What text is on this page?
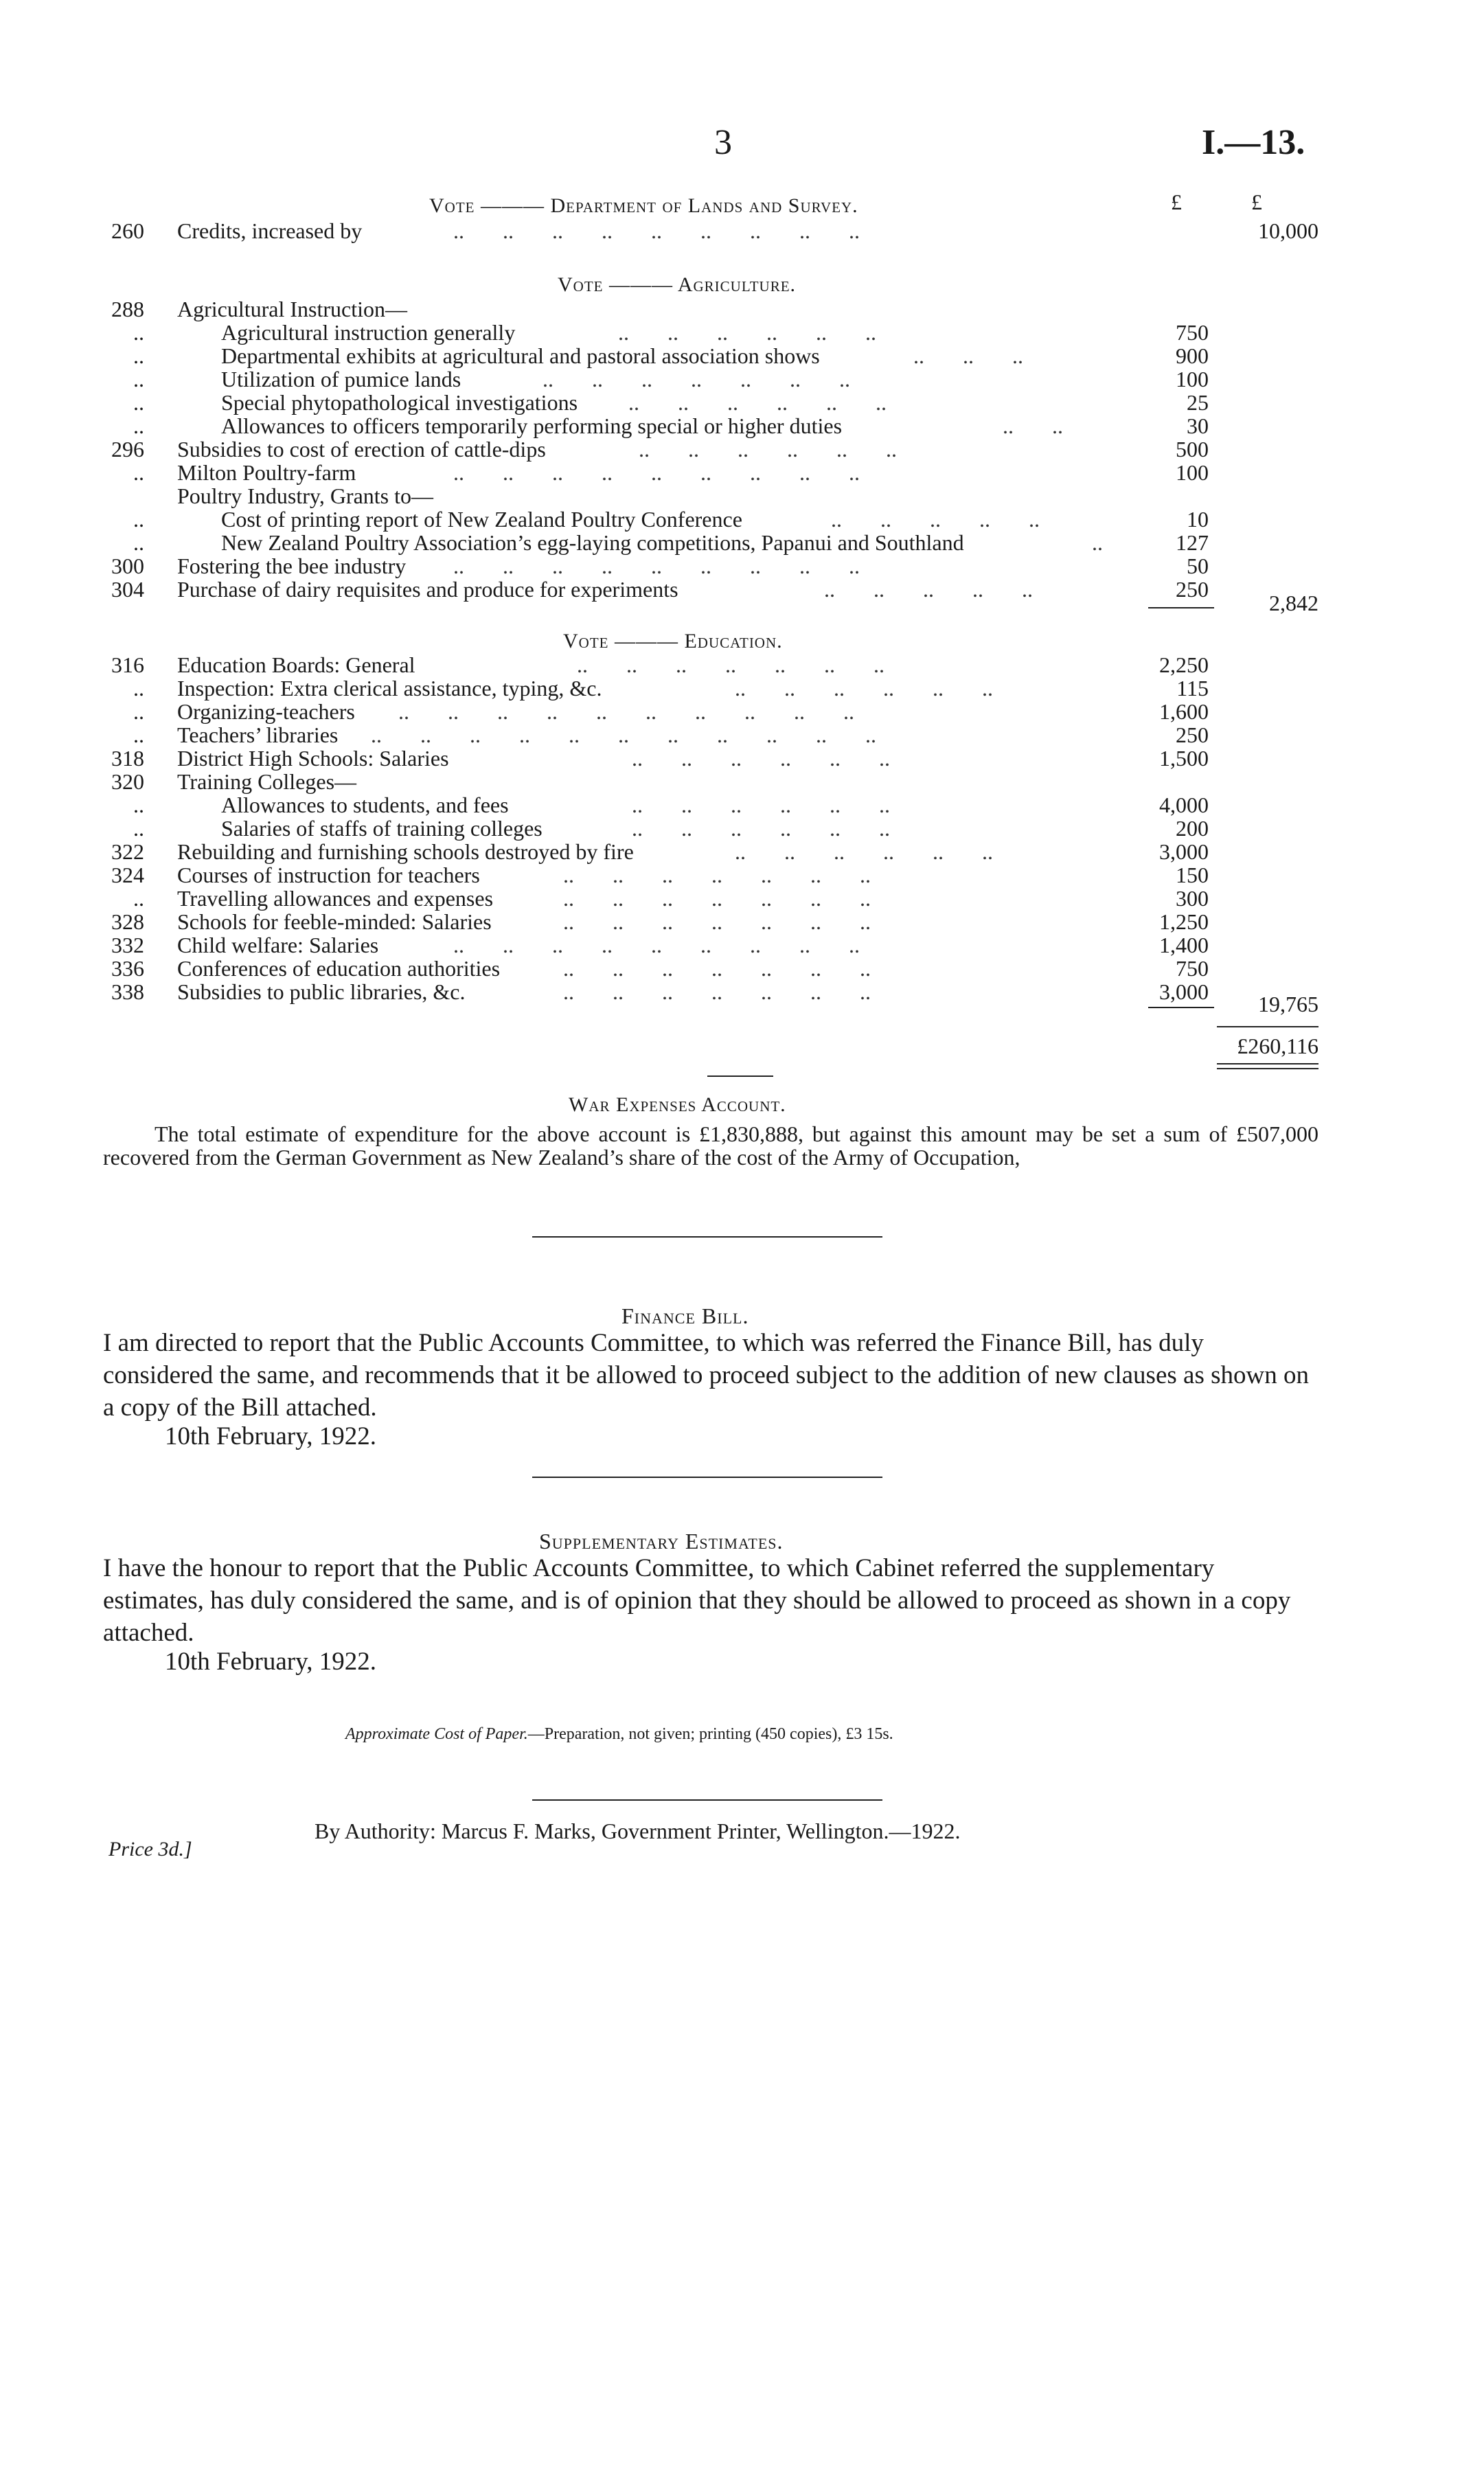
3	I.—13.
Vote ——— Department of Lands and Survey.	£	£
260 Credits, increased by	..       ..       ..       ..       ..       ..       ..       ..       ..	10,000
Vote ——— Agriculture.
288 Agricultural Instruction—
..	Agricultural instruction generally	..       ..       ..       ..       ..       ..	750
..	Departmental exhibits at agricultural and pastoral association shows	..       ..       ..	900
..	Utilization of pumice lands	..       ..       ..       ..       ..       ..       ..	100
..	Special phytopathological investigations ..       ..       ..       ..       ..       ..	25
..	Allowances to officers temporarily performing special or higher duties	..       ..	30
296 Subsidies to cost of erection of cattle-dips	..       ..       ..       ..       ..       ..	500
.. Milton Poultry-farm	..       ..       ..       ..       ..       ..       ..       ..       ..	100
Poultry Industry, Grants to—
..	Cost of printing report of New Zealand Poultry Conference	..       ..       ..       ..       ..	10
..	New Zealand Poultry Association’s egg-laying competitions, Papanui and Southland	..	127
300 Fostering the bee industry ..       ..       ..       ..       ..       ..       ..       ..       ..	50
304 Purchase of dairy requisites and produce for experiments	..       ..       ..       ..       ..	250
2,842
Vote ——— Education.
316 Education Boards: General	..       ..       ..       ..       ..       ..       ..	2,250
.. Inspection: Extra clerical assistance, typing, &c.	..       ..       ..       ..       ..       ..	115
.. Organizing-teachers ..       ..       ..       ..       ..       ..       ..       ..       ..       ..	1,600
.. Teachers’ libraries ..       ..       ..       ..       ..       ..       ..       ..       ..       ..       ..	250
318 District High Schools: Salaries	..       ..       ..       ..       ..       ..	1,500
320 Training Colleges—
..	Allowances to students, and fees	..       ..       ..       ..       ..       ..	4,000
..	Salaries of staffs of training colleges	..       ..       ..       ..       ..       ..	200
322 Rebuilding and furnishing schools destroyed by fire	..       ..       ..       ..       ..       ..	3,000
324 Courses of instruction for teachers	..       ..       ..       ..       ..       ..       ..	150
.. Travelling allowances and expenses	..       ..       ..       ..       ..       ..       ..	300
328 Schools for feeble-minded: Salaries	..       ..       ..       ..       ..       ..       ..	1,250
332 Child welfare: Salaries	..       ..       ..       ..       ..       ..       ..       ..       ..	1,400
336 Conferences of education authorities	..       ..       ..       ..       ..       ..       ..	750
338 Subsidies to public libraries, &c.	..       ..       ..       ..       ..       ..       ..	3,000	19,765
£260,116
War Expenses Account.
The total estimate of expenditure for the above account is £1,830,888, but against this amount may be set a sum of £507,000 recovered from the German Government as New Zealand’s share of the cost of the Army of Occupation,
Finance Bill.
I am directed to report that the Public Accounts Committee, to which was referred the Finance Bill, has duly considered the same, and recommends that it be allowed to proceed subject to the addition of new clauses as shown on a copy of the Bill attached.
10th February, 1922.
Supplementary Estimates.
I have the honour to report that the Public Accounts Committee, to which Cabinet referred the supplementary estimates, has duly considered the same, and is of opinion that they should be allowed to proceed as shown in a copy attached.
10th February, 1922.
Approximate Cost of Paper.—Preparation, not given; printing (450 copies), £3 15s.
By Authority: Marcus F. Marks, Government Printer, Wellington.—1922.
Price 3d.]
